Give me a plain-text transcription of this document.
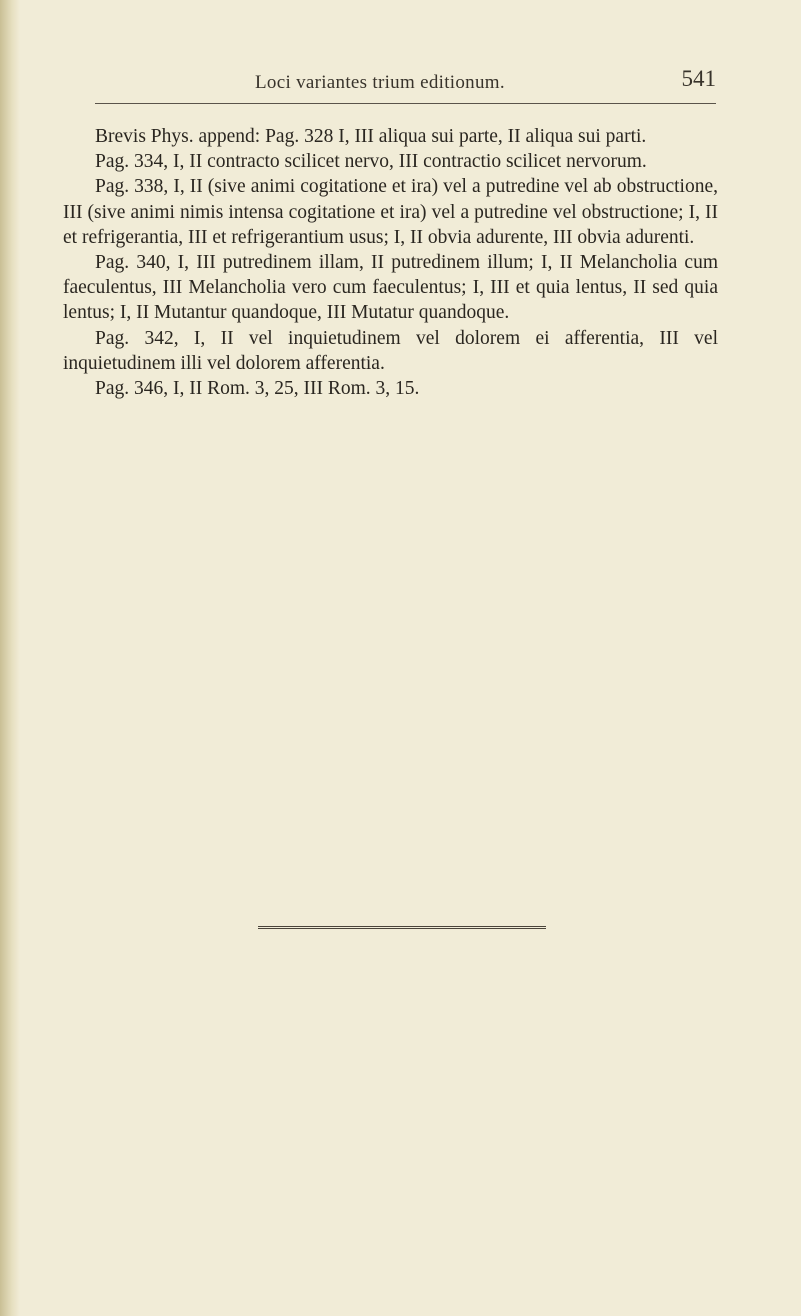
Loci variantes trium editionum.	541

Brevis Phys. append: Pag. 328 I, III aliqua sui parte, II aliqua sui parti.

Pag. 334, I, II contracto scilicet nervo, III contractio scilicet nervorum.

Pag. 338, I, II (sive animi cogitatione et ira) vel a putredine vel ab obstructione, III (sive animi nimis intensa cogitatione et ira) vel a putredine vel obstructione; I, II et refrigerantia, III et refrigerantium usus; I, II obvia adurente, III obvia adurenti.

Pag. 340, I, III putredinem illam, II putredinem illum; I, II Melancholia cum faeculentus, III Melancholia vero cum faeculentus; I, III et quia lentus, II sed quia lentus; I, II Mutantur quandoque, III Mutatur quandoque.

Pag. 342, I, II vel inquietudinem vel dolorem ei afferentia, III vel inquietudinem illi vel dolorem afferentia.

Pag. 346, I, II Rom. 3, 25, III Rom. 3, 15.
